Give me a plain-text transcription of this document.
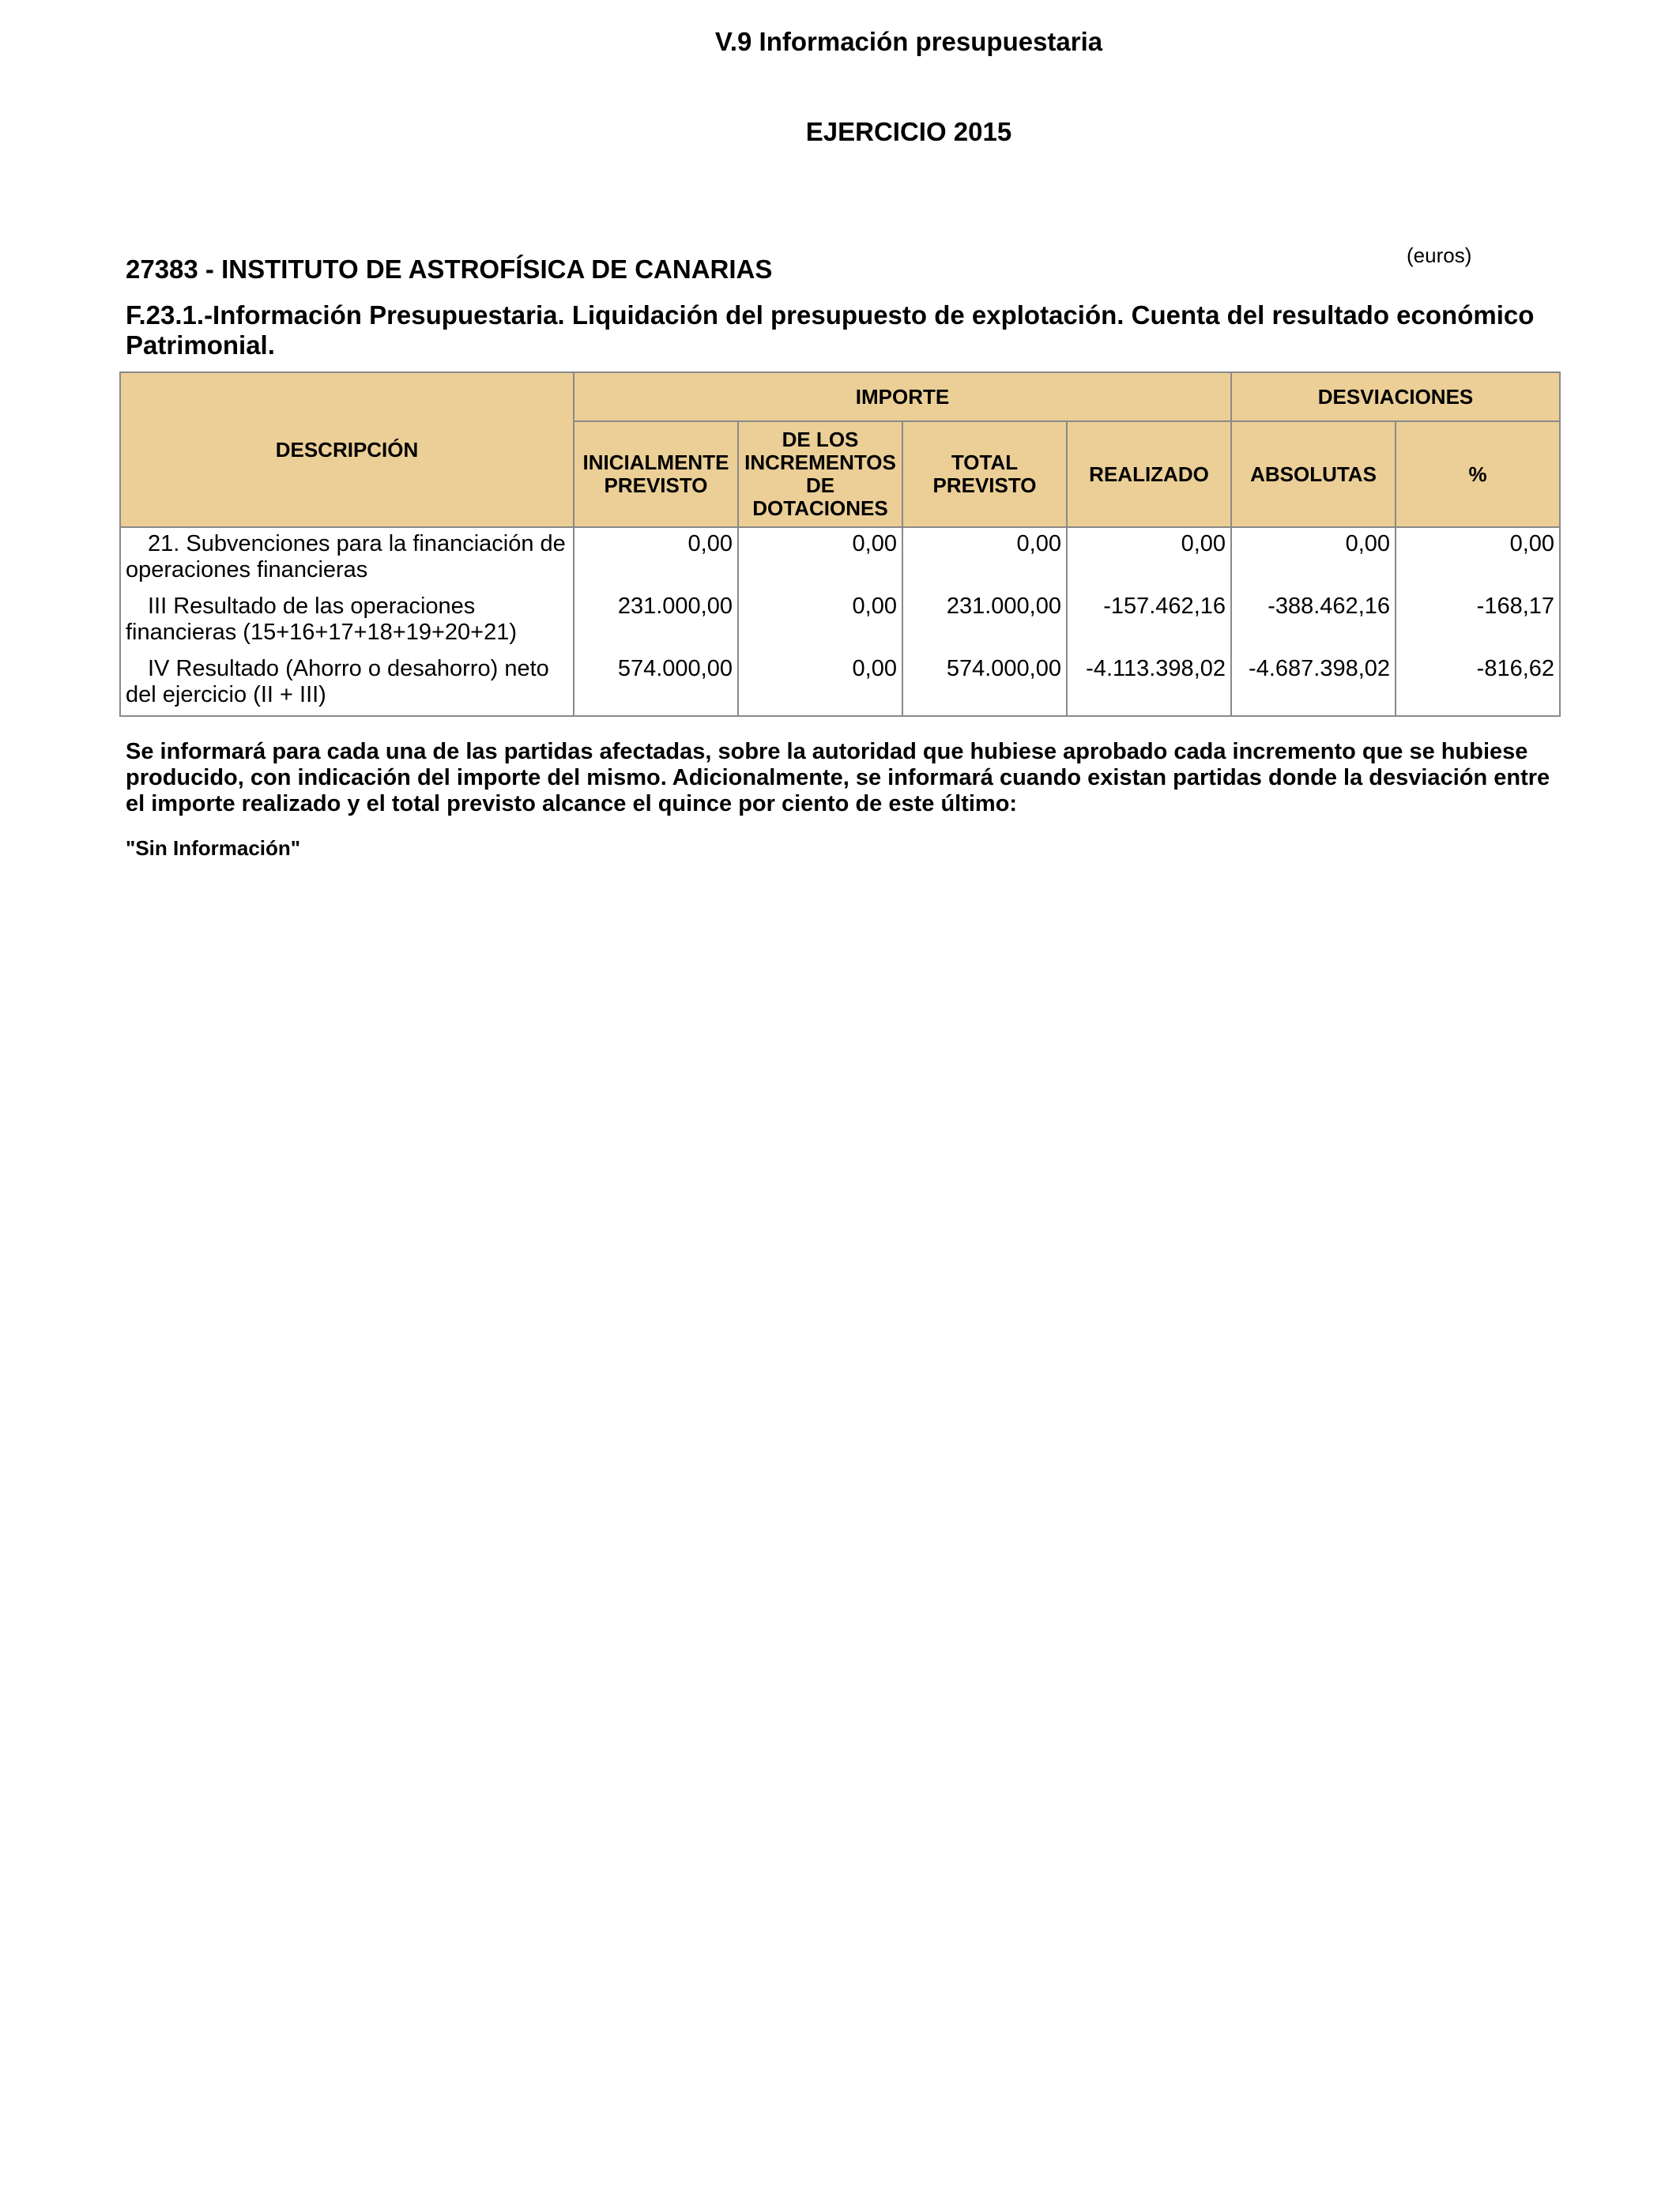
V.9 Información presupuestaria
EJERCICIO 2015
(euros)
27383 - INSTITUTO DE ASTROFÍSICA DE CANARIAS
F.23.1.-Información Presupuestaria. Liquidación del presupuesto de explotación. Cuenta del resultado económico Patrimonial.
DESCRIPCIÓN	IMPORTE				DESVIACIONES	
	INICIALMENTE PREVISTO	DE LOS INCREMENTOS DE DOTACIONES	TOTAL PREVISTO	REALIZADO	ABSOLUTAS	%
21. Subvenciones para la financiación de operaciones financieras	0,00	0,00	0,00	0,00	0,00	0,00
III Resultado de las operaciones financieras (15+16+17+18+19+20+21)	231.000,00	0,00	231.000,00	-157.462,16	-388.462,16	-168,17
IV Resultado (Ahorro o desahorro) neto del ejercicio (II + III)	574.000,00	0,00	574.000,00	-4.113.398,02	-4.687.398,02	-816,62
Se informará para cada una de las partidas afectadas, sobre la autoridad que hubiese aprobado cada incremento que se hubiese producido, con indicación del importe del mismo. Adicionalmente, se informará cuando existan partidas donde la desviación entre el importe realizado y el total previsto alcance el quince por ciento de este último:
"Sin Información"
